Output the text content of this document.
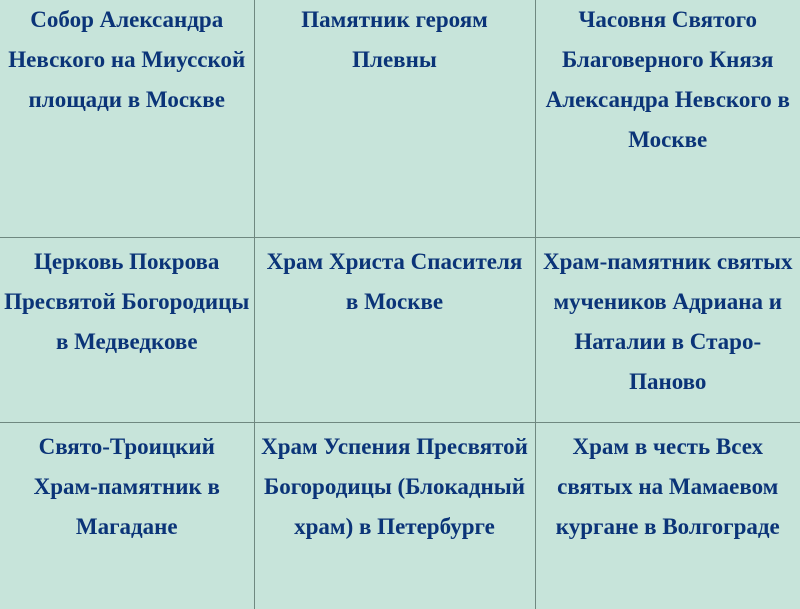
Собор Александра Невского на Миусской площади в Москве	Памятник героям Плевны	Часовня Святого Благоверного Князя Александра Невского в Москве

Церковь Покрова Пресвятой Богородицы в Медведкове	Храм Христа Спасителя в Москве	Храм-памятник святых мучеников Адриана и Наталии в Старо-Паново

Свято-Троицкий Храм-памятник в Магадане	Храм Успения Пресвятой Богородицы (Блокадный храм) в Петербурге	Храм в честь Всех святых на Мамаевом кургане в Волгограде
